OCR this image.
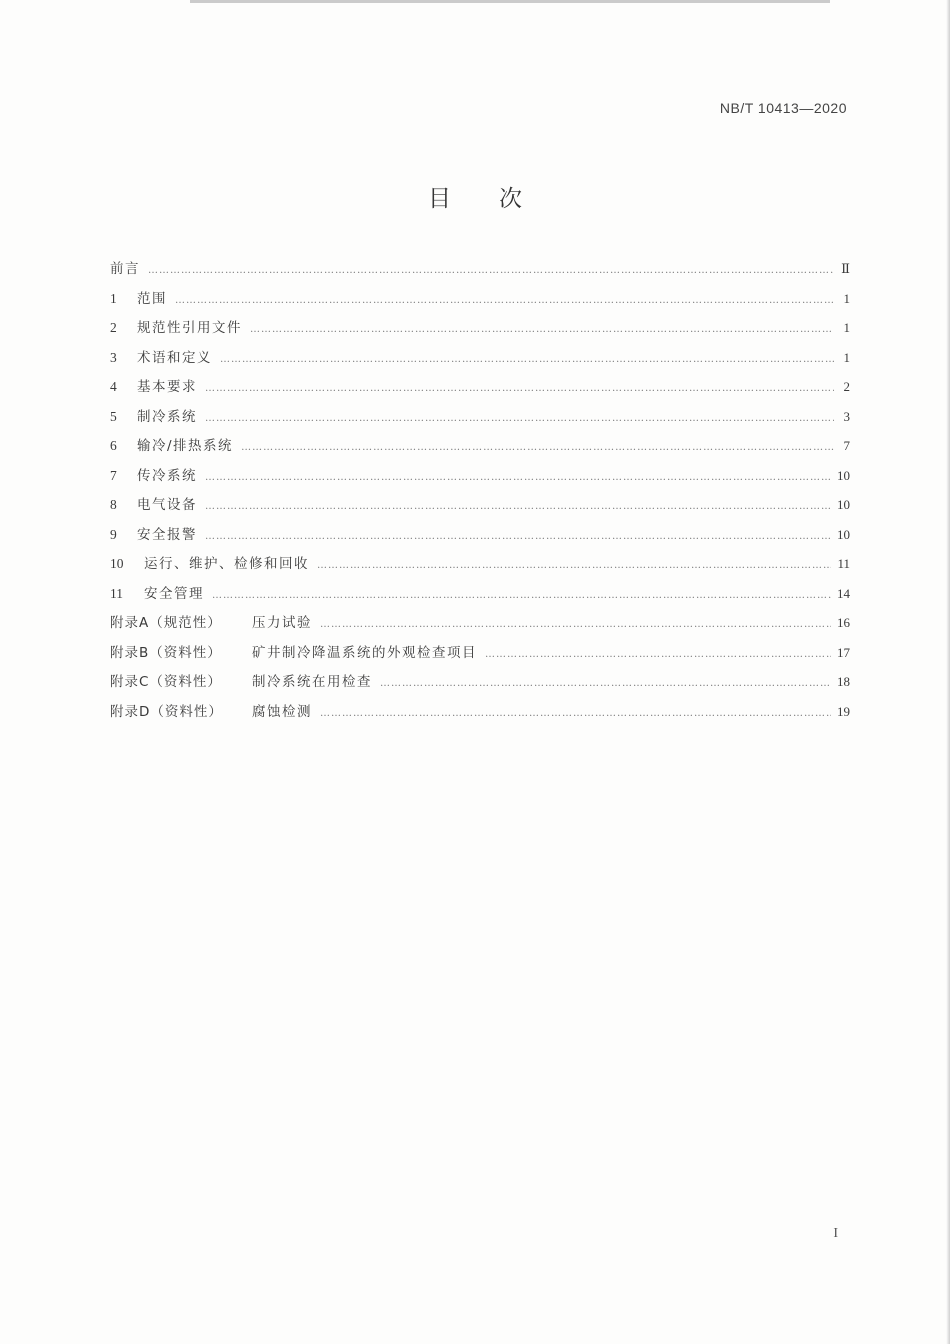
NB/T 10413—2020
目次
前言 ……………………………………………………………………………………………………………………………………………………………………………………………………………………	Ⅱ
1	范围 ……………………………………………………………………………………………………………………………………………………………………………………………………………………	1
2	规范性引用文件 ……………………………………………………………………………………………………………………………………………………………………………………………………………………	1
3	术语和定义 ……………………………………………………………………………………………………………………………………………………………………………………………………………………	1
4	基本要求 ……………………………………………………………………………………………………………………………………………………………………………………………………………………	2
5	制冷系统 ……………………………………………………………………………………………………………………………………………………………………………………………………………………	3
6	输冷/排热系统 ……………………………………………………………………………………………………………………………………………………………………………………………………………………	7
7	传冷系统 ……………………………………………………………………………………………………………………………………………………………………………………………………………………	10
8	电气设备 ……………………………………………………………………………………………………………………………………………………………………………………………………………………	10
9	安全报警 ……………………………………………………………………………………………………………………………………………………………………………………………………………………	10
10	运行、维护、检修和回收 ……………………………………………………………………………………………………………………………………………………………………………………………………………………	11
11	安全管理 ……………………………………………………………………………………………………………………………………………………………………………………………………………………	14
附录A（规范性）	压力试验 ……………………………………………………………………………………………………………………………………………………………………………………………………………………	16
附录B（资料性）	矿井制冷降温系统的外观检查项目 ……………………………………………………………………………………………………………………………………………………………………………………………………………………	17
附录C（资料性）	制冷系统在用检查 ……………………………………………………………………………………………………………………………………………………………………………………………………………………	18
附录D（资料性）	腐蚀检测 ……………………………………………………………………………………………………………………………………………………………………………………………………………………	19
I
